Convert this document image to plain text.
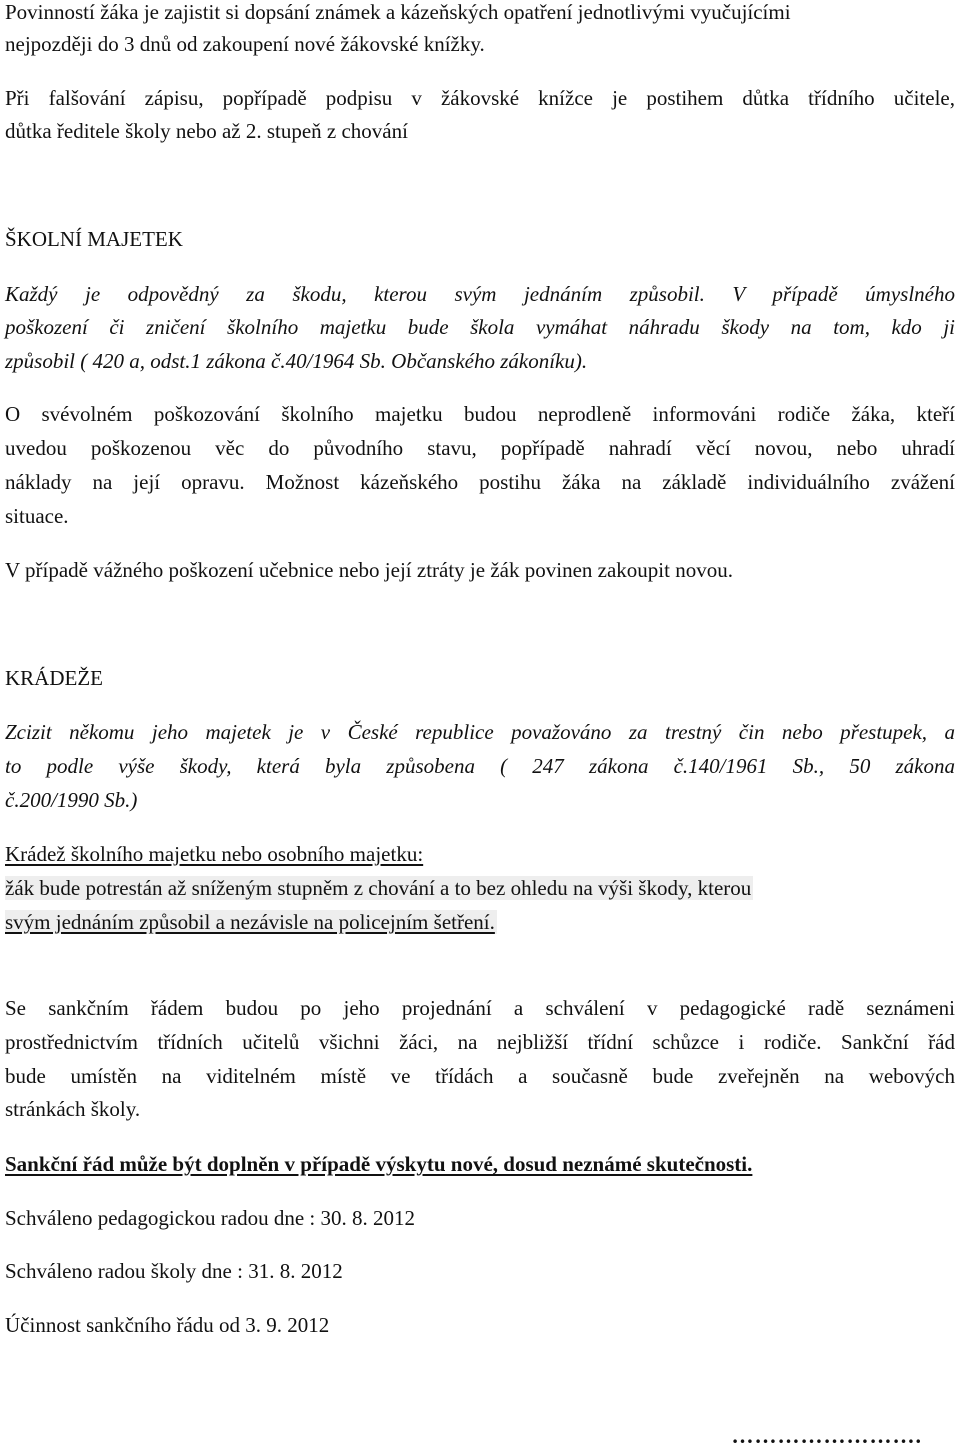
Povinností žáka je zajistit si dopsání známek a kázeňských opatření jednotlivými vyučujícími

nejpozději do 3 dnů od zakoupení nové žákovské knížky.

Při falšování zápisu, popřípadě podpisu v žákovské knížce je postihem důtka třídního učitele,

důtka ředitele školy nebo až 2. stupeň z chování

ŠKOLNÍ MAJETEK

Každý je odpovědný za škodu, kterou svým jednáním způsobil. V případě úmyslného

poškození či zničení školního majetku bude škola vymáhat náhradu škody na tom, kdo ji

způsobil ( 420 a, odst.1 zákona č.40/1964 Sb. Občanského zákoníku).

O svévolném poškozování školního majetku budou neprodleně informováni rodiče žáka, kteří

uvedou poškozenou věc do původního stavu, popřípadě nahradí věcí novou, nebo uhradí

náklady na její opravu. Možnost kázeňského postihu žáka na základě individuálního zvážení

situace.

V případě vážného poškození učebnice nebo její ztráty je žák povinen zakoupit novou.

KRÁDEŽE

Zcizit někomu jeho majetek je v České republice považováno za trestný čin nebo přestupek, a

to podle výše škody, která byla způsobena ( 247 zákona č.140/1961 Sb., 50 zákona

č.200/1990 Sb.)

Krádež školního majetku nebo osobního majetku:

žák bude potrestán až sníženým stupněm z chování a to bez ohledu na výši škody, kterou

svým jednáním způsobil a nezávisle na policejním šetření.

Se sankčním řádem budou po jeho projednání a schválení v pedagogické radě seznámeni

prostřednictvím třídních učitelů všichni žáci, na nejbližší třídní schůzce i rodiče. Sankční řád

bude umístěn na viditelném místě ve třídách a současně bude zveřejněn na webových

stránkách školy.

Sankční řád může být doplněn v případě výskytu nové, dosud neznámé skutečnosti.

Schváleno pedagogickou radou dne : 30. 8. 2012

Schváleno radou školy dne : 31. 8. 2012

Účinnost sankčního řádu od 3. 9. 2012

…………………….
